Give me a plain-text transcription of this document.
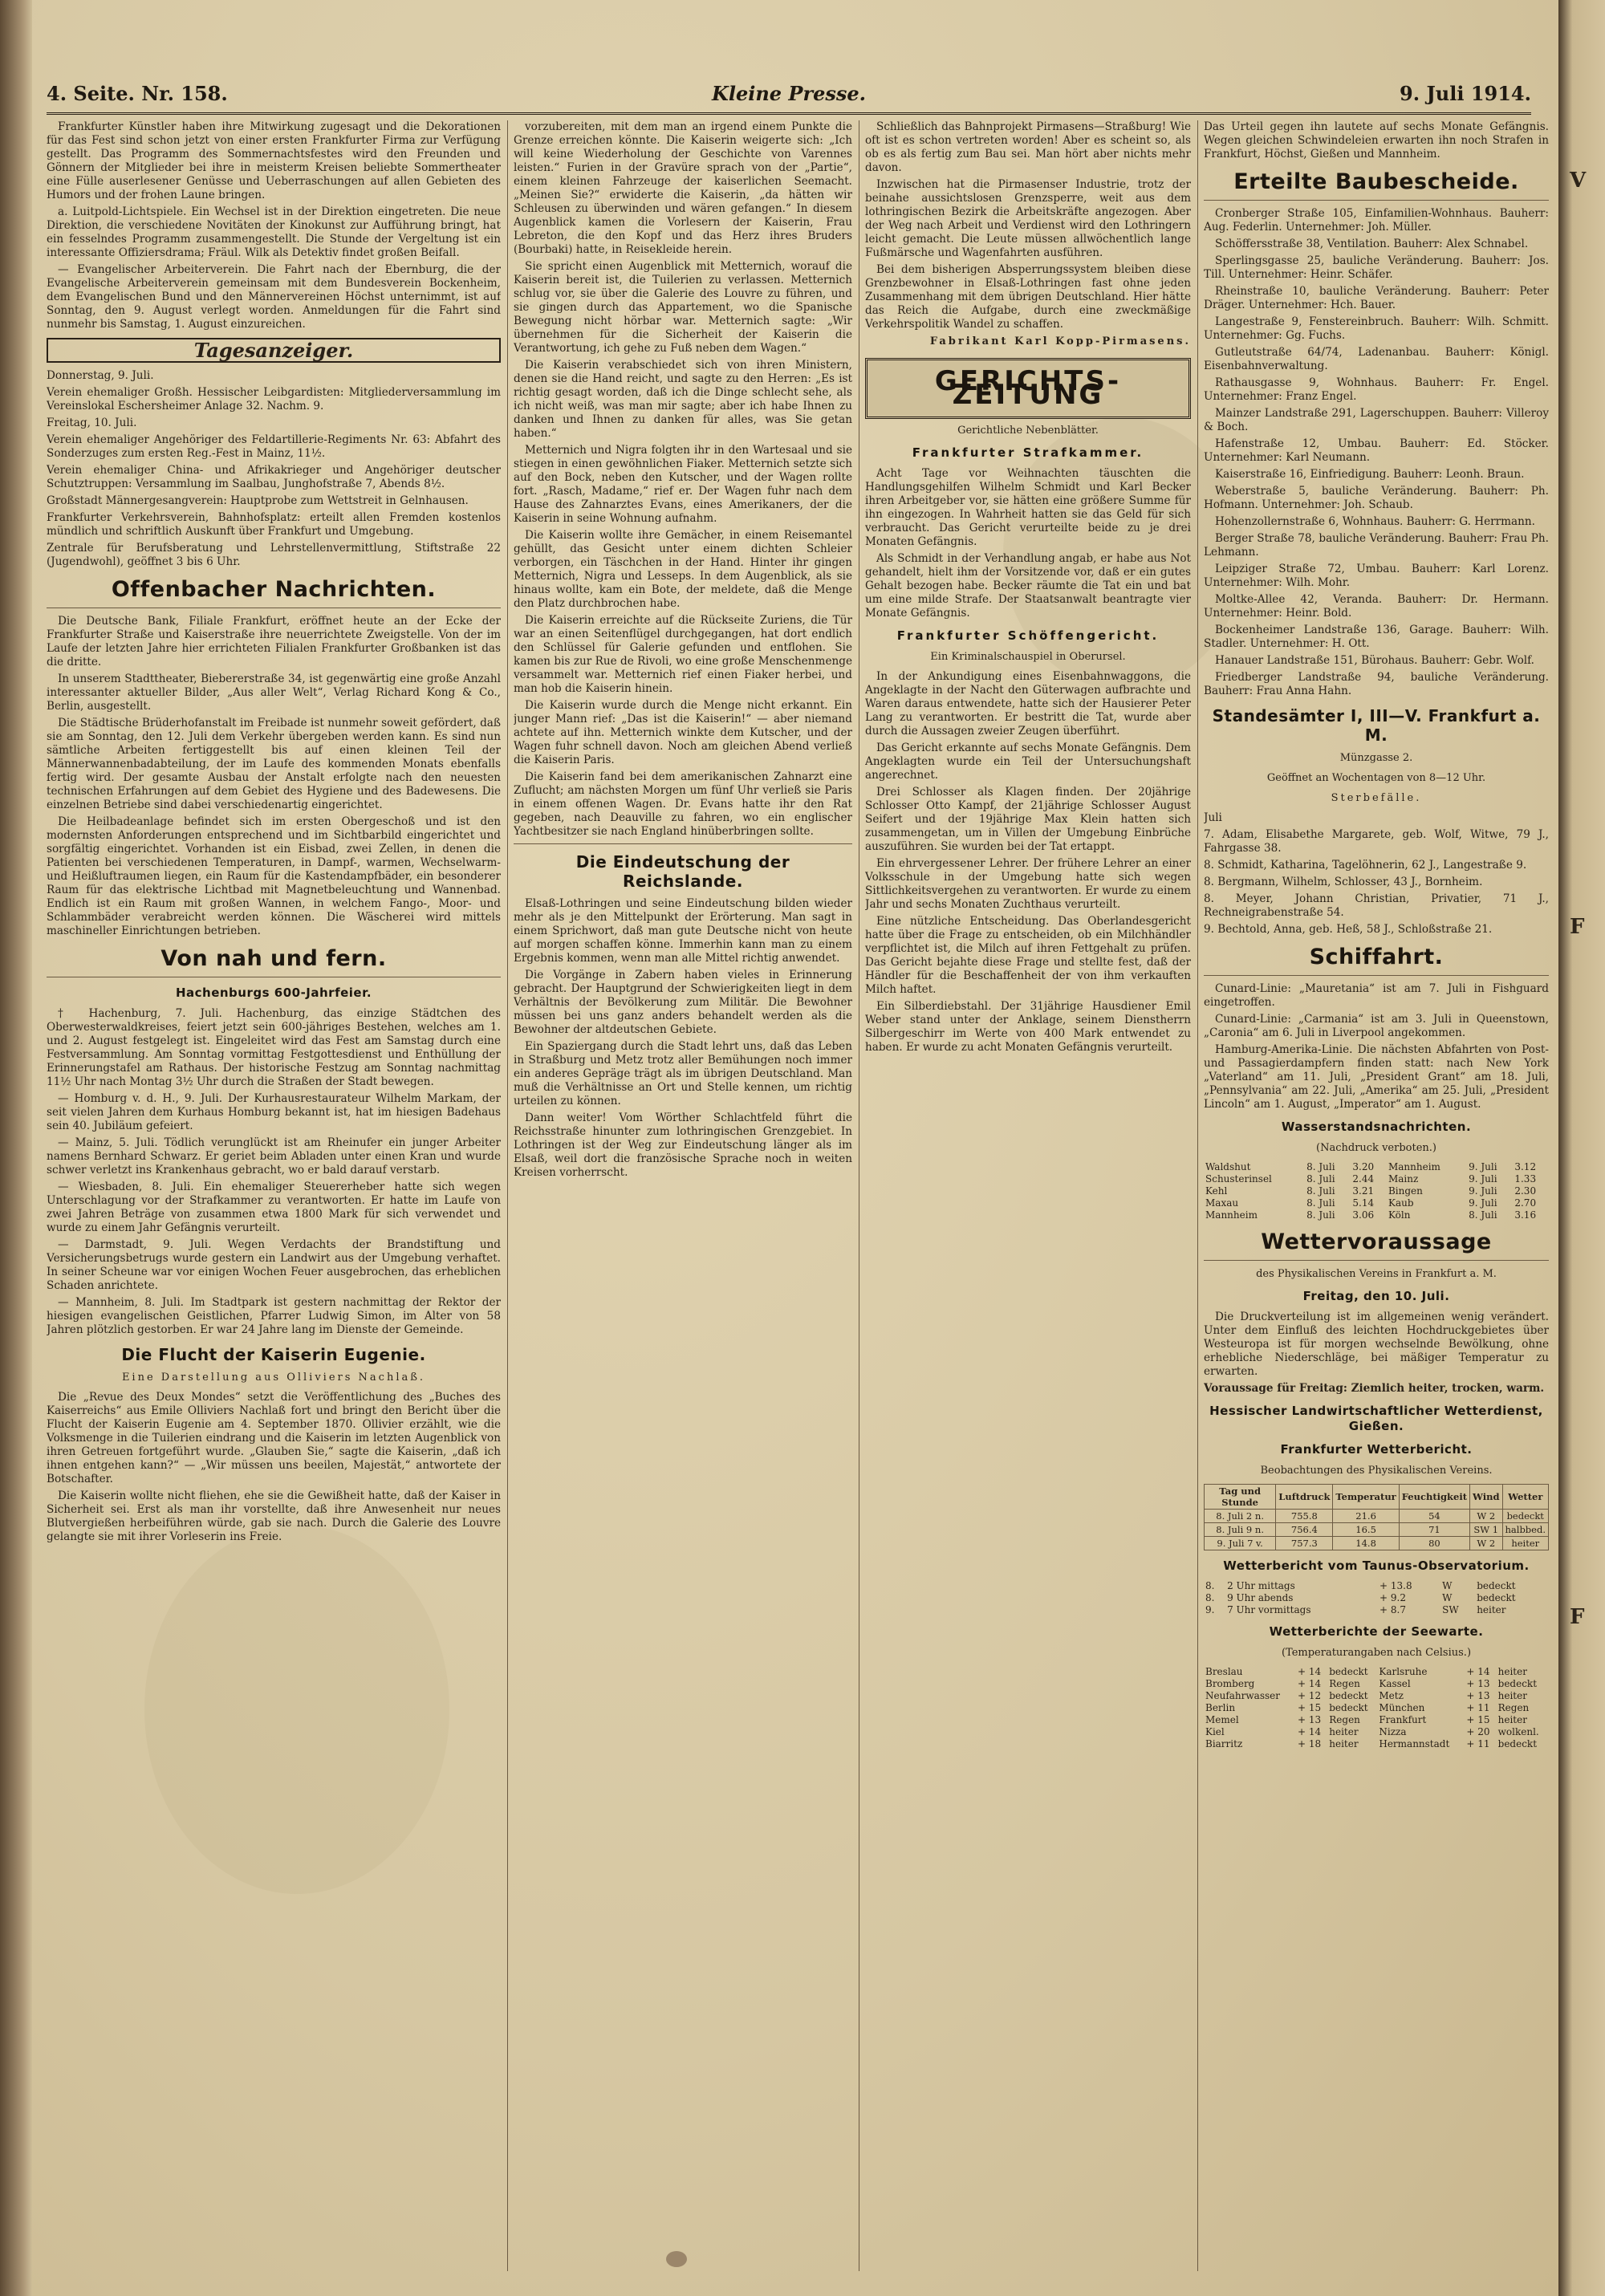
4. Seite. Nr. 158.	Kleine Presse.	9. Juli 1914.

Frankfurter Künstler haben ihre Mitwirkung zugesagt und die Dekorationen für das Fest sind schon jetzt von einer ersten Frankfurter Firma zur Verfügung gestellt. Das Programm des Sommernachtsfestes wird den Freunden und Gönnern der Mitglieder bei ihre in meisterm Kreisen beliebte Sommertheater eine Fülle auserlesener Genüsse und Ueberraschungen auf allen Gebieten des Humors und der frohen Laune bringen.

a. Luitpold-Lichtspiele. Ein Wechsel ist in der Direktion eingetreten. Die neue Direktion, die verschiedene Novitäten der Kinokunst zur Aufführung bringt, hat ein fesselndes Programm zusammengestellt. Die Stunde der Vergeltung ist ein interessante Offiziersdrama; Fräul. Wilk als Detektiv findet großen Beifall.

— Evangelischer Arbeiterverein. Die Fahrt nach der Ebernburg, die der Evangelische Arbeiterverein gemeinsam mit dem Bundesverein Bockenheim, dem Evangelischen Bund und den Männervereinen Höchst unternimmt, ist auf Sonntag, den 9. August verlegt worden. Anmeldungen für die Fahrt sind nunmehr bis Samstag, 1. August einzureichen.

Tagesanzeiger.

Donnerstag, 9. Juli.

Verein ehemaliger Großh. Hessischer Leibgardisten: Mitgliederversammlung im Vereinslokal Eschersheimer Anlage 32. Nachm. 9.

Freitag, 10. Juli.

Verein ehemaliger Angehöriger des Feldartillerie-Regiments Nr. 63: Abfahrt des Sonderzuges zum ersten Reg.-Fest in Mainz, 11½.

Verein ehemaliger China- und Afrikakrieger und Angehöriger deutscher Schutztruppen: Versammlung im Saalbau, Junghofstraße 7, Abends 8½.

Großstadt Männergesangverein: Hauptprobe zum Wettstreit in Gelnhausen.

Frankfurter Verkehrsverein, Bahnhofsplatz: erteilt allen Fremden kostenlos mündlich und schriftlich Auskunft über Frankfurt und Umgebung.

Zentrale für Berufsberatung und Lehrstellenvermittlung, Stiftstraße 22 (Jugendwohl), geöffnet 3 bis 6 Uhr.

Offenbacher Nachrichten.

Die Deutsche Bank, Filiale Frankfurt, eröffnet heute an der Ecke der Frankfurter Straße und Kaiserstraße ihre neuerrichtete Zweigstelle. Von der im Laufe der letzten Jahre hier errichteten Filialen Frankfurter Großbanken ist das die dritte.

In unserem Stadttheater, Biebererstraße 34, ist gegenwärtig eine große Anzahl interessanter aktueller Bilder, „Aus aller Welt“, Verlag Richard Kong & Co., Berlin, ausgestellt.

Die Städtische Brüderhofanstalt im Freibade ist nunmehr soweit gefördert, daß sie am Sonntag, den 12. Juli dem Verkehr übergeben werden kann. Es sind nun sämtliche Arbeiten fertiggestellt bis auf einen kleinen Teil der Männerwannenbadabteilung, der im Laufe des kommenden Monats ebenfalls fertig wird. Der gesamte Ausbau der Anstalt erfolgte nach den neuesten technischen Erfahrungen auf dem Gebiet des Hygiene und des Badewesens. Die einzelnen Betriebe sind dabei verschiedenartig eingerichtet.

Die Heilbadeanlage befindet sich im ersten Obergeschoß und ist den modernsten Anforderungen entsprechend und im Sichtbarbild eingerichtet und sorgfältig eingerichtet. Vorhanden ist ein Eisbad, zwei Zellen, in denen die Patienten bei verschiedenen Temperaturen, in Dampf-, warmen, Wechselwarm- und Heißluftraumen liegen, ein Raum für die Kastendampfbäder, ein besonderer Raum für das elektrische Lichtbad mit Magnetbeleuchtung und Wannenbad. Endlich ist ein Raum mit großen Wannen, in welchem Fango-, Moor- und Schlammbäder verabreicht werden können. Die Wäscherei wird mittels maschineller Einrichtungen betrieben.

Von nah und fern.
Hachenburgs 600-Jahrfeier.

† Hachenburg, 7. Juli. Hachenburg, das einzige Städtchen des Oberwesterwaldkreises, feiert jetzt sein 600-jähriges Bestehen, welches am 1. und 2. August festgelegt ist. Eingeleitet wird das Fest am Samstag durch eine Festversammlung. Am Sonntag vormittag Festgottesdienst und Enthüllung der Erinnerungstafel am Rathaus. Der historische Festzug am Sonntag nachmittag 11½ Uhr nach Montag 3½ Uhr durch die Straßen der Stadt bewegen.

— Homburg v. d. H., 9. Juli. Der Kurhausrestaurateur Wilhelm Markam, der seit vielen Jahren dem Kurhaus Homburg bekannt ist, hat im hiesigen Badehaus sein 40. Jubiläum gefeiert.

— Mainz, 5. Juli. Tödlich verunglückt ist am Rheinufer ein junger Arbeiter namens Bernhard Schwarz. Er geriet beim Abladen unter einen Kran und wurde schwer verletzt ins Krankenhaus gebracht, wo er bald darauf verstarb.

— Wiesbaden, 8. Juli. Ein ehemaliger Steuererheber hatte sich wegen Unterschlagung vor der Strafkammer zu verantworten. Er hatte im Laufe von zwei Jahren Beträge von zusammen etwa 1800 Mark für sich verwendet und wurde zu einem Jahr Gefängnis verurteilt.

— Darmstadt, 9. Juli. Wegen Verdachts der Brandstiftung und Versicherungsbetrugs wurde gestern ein Landwirt aus der Umgebung verhaftet. In seiner Scheune war vor einigen Wochen Feuer ausgebrochen, das erheblichen Schaden anrichtete.

— Mannheim, 8. Juli. Im Stadtpark ist gestern nachmittag der Rektor der hiesigen evangelischen Geistlichen, Pfarrer Ludwig Simon, im Alter von 58 Jahren plötzlich gestorben. Er war 24 Jahre lang im Dienste der Gemeinde.

Die Flucht der Kaiserin Eugenie.
Eine Darstellung aus Olliviers Nachlaß.

Die „Revue des Deux Mondes“ setzt die Veröffentlichung des „Buches des Kaiserreichs“ aus Emile Olliviers Nachlaß fort und bringt den Bericht über die Flucht der Kaiserin Eugenie am 4. September 1870. Ollivier erzählt, wie die Volksmenge in die Tuilerien eindrang und die Kaiserin im letzten Augenblick von ihren Getreuen fortgeführt wurde. „Glauben Sie,“ sagte die Kaiserin, „daß ich ihnen entgehen kann?“ — „Wir müssen uns beeilen, Majestät,“ antwortete der Botschafter.

Die Kaiserin wollte nicht fliehen, ehe sie die Gewißheit hatte, daß der Kaiser in Sicherheit sei. Erst als man ihr vorstellte, daß ihre Anwesenheit nur neues Blutvergießen herbeiführen würde, gab sie nach. Durch die Galerie des Louvre gelangte sie mit ihrer Vorleserin ins Freie.

vorzubereiten, mit dem man an irgend einem Punkte die Grenze erreichen könnte. Die Kaiserin weigerte sich: „Ich will keine Wiederholung der Geschichte von Varennes leisten.“ Furien in der Gravüre sprach von der „Partie“, einem kleinen Fahrzeuge der kaiserlichen Seemacht. „Meinen Sie?“ erwiderte die Kaiserin, „da hätten wir Schleusen zu überwinden und wären gefangen.“ In diesem Augenblick kamen die Vorlesern der Kaiserin, Frau Lebreton, die den Kopf und das Herz ihres Bruders (Bourbaki) hatte, in Reisekleide herein.

Sie spricht einen Augenblick mit Metternich, worauf die Kaiserin bereit ist, die Tuilerien zu verlassen. Metternich schlug vor, sie über die Galerie des Louvre zu führen, und sie gingen durch das Appartement, wo die Spanische Bewegung nicht hörbar war. Metternich sagte: „Wir übernehmen für die Sicherheit der Kaiserin die Verantwortung, ich gehe zu Fuß neben dem Wagen.“

Die Kaiserin verabschiedet sich von ihren Ministern, denen sie die Hand reicht, und sagte zu den Herren: „Es ist richtig gesagt worden, daß ich die Dinge schlecht sehe, als ich nicht weiß, was man mir sagte; aber ich habe Ihnen zu danken und Ihnen zu danken für alles, was Sie getan haben.“

Metternich und Nigra folgten ihr in den Wartesaal und sie stiegen in einen gewöhnlichen Fiaker. Metternich setzte sich auf den Bock, neben den Kutscher, und der Wagen rollte fort. „Rasch, Madame,“ rief er. Der Wagen fuhr nach dem Hause des Zahnarztes Evans, eines Amerikaners, der die Kaiserin in seine Wohnung aufnahm.

Die Kaiserin wollte ihre Gemächer, in einem Reisemantel gehüllt, das Gesicht unter einem dichten Schleier verborgen, ein Täschchen in der Hand. Hinter ihr gingen Metternich, Nigra und Lesseps. In dem Augenblick, als sie hinaus wollte, kam ein Bote, der meldete, daß die Menge den Platz durchbrochen habe.

Die Kaiserin erreichte auf die Rückseite Zuriens, die Tür war an einen Seitenflügel durchgegangen, hat dort endlich den Schlüssel für Galerie gefunden und entflohen. Sie kamen bis zur Rue de Rivoli, wo eine große Menschenmenge versammelt war. Metternich rief einen Fiaker herbei, und man hob die Kaiserin hinein.

Die Kaiserin wurde durch die Menge nicht erkannt. Ein junger Mann rief: „Das ist die Kaiserin!“ — aber niemand achtete auf ihn. Metternich winkte dem Kutscher, und der Wagen fuhr schnell davon. Noch am gleichen Abend verließ die Kaiserin Paris.

Die Kaiserin fand bei dem amerikanischen Zahnarzt eine Zuflucht; am nächsten Morgen um fünf Uhr verließ sie Paris in einem offenen Wagen. Dr. Evans hatte ihr den Rat gegeben, nach Deauville zu fahren, wo ein englischer Yachtbesitzer sie nach England hinüberbringen sollte.

Die Eindeutschung der Reichslande.

Elsaß-Lothringen und seine Eindeutschung bilden wieder mehr als je den Mittelpunkt der Erörterung. Man sagt in einem Sprichwort, daß man gute Deutsche nicht von heute auf morgen schaffen könne. Immerhin kann man zu einem Ergebnis kommen, wenn man alle Mittel richtig anwendet.

Die Vorgänge in Zabern haben vieles in Erinnerung gebracht. Der Hauptgrund der Schwierigkeiten liegt in dem Verhältnis der Bevölkerung zum Militär. Die Bewohner müssen bei uns ganz anders behandelt werden als die Bewohner der altdeutschen Gebiete.

Ein Spaziergang durch die Stadt lehrt uns, daß das Leben in Straßburg und Metz trotz aller Bemühungen noch immer ein anderes Gepräge trägt als im übrigen Deutschland. Man muß die Verhältnisse an Ort und Stelle kennen, um richtig urteilen zu können.

Dann weiter! Vom Wörther Schlachtfeld führt die Reichsstraße hinunter zum lothringischen Grenzgebiet. In Lothringen ist der Weg zur Eindeutschung länger als im Elsaß, weil dort die französische Sprache noch in weiten Kreisen vorherrscht.

Schließlich das Bahnprojekt Pirmasens—Straßburg! Wie oft ist es schon vertreten worden! Aber es scheint so, als ob es als fertig zum Bau sei. Man hört aber nichts mehr davon.

Inzwischen hat die Pirmasenser Industrie, trotz der beinahe aussichtslosen Grenzsperre, weit aus dem lothringischen Bezirk die Arbeitskräfte angezogen. Aber der Weg nach Arbeit und Verdienst wird den Lothringern leicht gemacht. Die Leute müssen allwöchentlich lange Fußmärsche und Wagenfahrten ausführen.

Bei dem bisherigen Absperrungssystem bleiben diese Grenzbewohner in Elsaß-Lothringen fast ohne jeden Zusammenhang mit dem übrigen Deutschland. Hier hätte das Reich die Aufgabe, durch eine zweckmäßige Verkehrspolitik Wandel zu schaffen.

Fabrikant Karl Kopp-Pirmasens.
GERICHTS-ZEITUNG
Gerichtliche Nebenblätter.
Frankfurter Strafkammer.

Acht Tage vor Weihnachten täuschten die Handlungsgehilfen Wilhelm Schmidt und Karl Becker ihren Arbeitgeber vor, sie hätten eine größere Summe für ihn eingezogen. In Wahrheit hatten sie das Geld für sich verbraucht. Das Gericht verurteilte beide zu je drei Monaten Gefängnis.

Als Schmidt in der Verhandlung angab, er habe aus Not gehandelt, hielt ihm der Vorsitzende vor, daß er ein gutes Gehalt bezogen habe. Becker räumte die Tat ein und bat um eine milde Strafe. Der Staatsanwalt beantragte vier Monate Gefängnis.

Frankfurter Schöffengericht.
Ein Kriminalschauspiel in Oberursel.

In der Ankundigung eines Eisenbahnwaggons, die Angeklagte in der Nacht den Güterwagen aufbrachte und Waren daraus entwendete, hatte sich der Hausierer Peter Lang zu verantworten. Er bestritt die Tat, wurde aber durch die Aussagen zweier Zeugen überführt.

Das Gericht erkannte auf sechs Monate Gefängnis. Dem Angeklagten wurde ein Teil der Untersuchungshaft angerechnet.

Drei Schlosser als Klagen finden. Der 20jährige Schlosser Otto Kampf, der 21jährige Schlosser August Seifert und der 19jährige Max Klein hatten sich zusammengetan, um in Villen der Umgebung Einbrüche auszuführen. Sie wurden bei der Tat ertappt.

Ein ehrvergessener Lehrer. Der frühere Lehrer an einer Volksschule in der Umgebung hatte sich wegen Sittlichkeitsvergehen zu verantworten. Er wurde zu einem Jahr und sechs Monaten Zuchthaus verurteilt.

Eine nützliche Entscheidung. Das Oberlandesgericht hatte über die Frage zu entscheiden, ob ein Milchhändler verpflichtet ist, die Milch auf ihren Fettgehalt zu prüfen. Das Gericht bejahte diese Frage und stellte fest, daß der Händler für die Beschaffenheit der von ihm verkauften Milch haftet.

Ein Silberdiebstahl. Der 31jährige Hausdiener Emil Weber stand unter der Anklage, seinem Dienstherrn Silbergeschirr im Werte von 400 Mark entwendet zu haben. Er wurde zu acht Monaten Gefängnis verurteilt.

Das Urteil gegen ihn lautete auf sechs Monate Gefängnis. Wegen gleichen Schwindeleien erwarten ihn noch Strafen in Frankfurt, Höchst, Gießen und Mannheim.

Erteilte Baubescheide.

Cronberger Straße 105, Einfamilien-Wohnhaus. Bauherr: Aug. Federlin. Unternehmer: Joh. Müller.

Schöffersstraße 38, Ventilation. Bauherr: Alex Schnabel.

Sperlingsgasse 25, bauliche Veränderung. Bauherr: Jos. Till. Unternehmer: Heinr. Schäfer.

Rheinstraße 10, bauliche Veränderung. Bauherr: Peter Dräger. Unternehmer: Hch. Bauer.

Langestraße 9, Fenstereinbruch. Bauherr: Wilh. Schmitt. Unternehmer: Gg. Fuchs.

Gutleutstraße 64/74, Ladenanbau. Bauherr: Königl. Eisenbahnverwaltung.

Rathausgasse 9, Wohnhaus. Bauherr: Fr. Engel. Unternehmer: Franz Engel.

Mainzer Landstraße 291, Lagerschuppen. Bauherr: Villeroy & Boch.

Hafenstraße 12, Umbau. Bauherr: Ed. Stöcker. Unternehmer: Karl Neumann.

Kaiserstraße 16, Einfriedigung. Bauherr: Leonh. Braun.

Weberstraße 5, bauliche Veränderung. Bauherr: Ph. Hofmann. Unternehmer: Joh. Schaub.

Hohenzollernstraße 6, Wohnhaus. Bauherr: G. Herrmann.

Berger Straße 78, bauliche Veränderung. Bauherr: Frau Ph. Lehmann.

Leipziger Straße 72, Umbau. Bauherr: Karl Lorenz. Unternehmer: Wilh. Mohr.

Moltke-Allee 42, Veranda. Bauherr: Dr. Hermann. Unternehmer: Heinr. Bold.

Bockenheimer Landstraße 136, Garage. Bauherr: Wilh. Stadler. Unternehmer: H. Ott.

Hanauer Landstraße 151, Bürohaus. Bauherr: Gebr. Wolf.

Friedberger Landstraße 94, bauliche Veränderung. Bauherr: Frau Anna Hahn.

Standesämter I, III—V. Frankfurt a. M.
Münzgasse 2.
Geöffnet an Wochentagen von 8—12 Uhr.
Sterbefälle.

Juli

7. Adam, Elisabethe Margarete, geb. Wolf, Witwe, 79 J., Fahrgasse 38.

8. Schmidt, Katharina, Tagelöhnerin, 62 J., Langestraße 9.

8. Bergmann, Wilhelm, Schlosser, 43 J., Bornheim.

8. Meyer, Johann Christian, Privatier, 71 J., Rechneigrabenstraße 54.

9. Bechtold, Anna, geb. Heß, 58 J., Schloßstraße 21.

Schiffahrt.

Cunard-Linie: „Mauretania“ ist am 7. Juli in Fishguard eingetroffen.

Cunard-Linie: „Carmania“ ist am 3. Juli in Queenstown, „Caronia“ am 6. Juli in Liverpool angekommen.

Hamburg-Amerika-Linie. Die nächsten Abfahrten von Post- und Passagierdampfern finden statt: nach New York „Vaterland“ am 11. Juli, „President Grant“ am 18. Juli, „Pennsylvania“ am 22. Juli, „Amerika“ am 25. Juli, „President Lincoln“ am 1. August, „Imperator“ am 1. August.

Wasserstandsnachrichten.
(Nachdruck verboten.)
Waldshut	8. Juli	3.20	Mannheim	9. Juli	3.12
Schusterinsel	8. Juli	2.44	Mainz	9. Juli	1.33
Kehl	8. Juli	3.21	Bingen	9. Juli	2.30
Maxau	8. Juli	5.14	Kaub	9. Juli	2.70
Mannheim	8. Juli	3.06	Köln	8. Juli	3.16
Wettervoraussage
des Physikalischen Vereins in Frankfurt a. M.
Freitag, den 10. Juli.

Die Druckverteilung ist im allgemeinen wenig verändert. Unter dem Einfluß des leichten Hochdruckgebietes über Westeuropa ist für morgen wechselnde Bewölkung, ohne erhebliche Niederschläge, bei mäßiger Temperatur zu erwarten.

Voraussage für Freitag: Ziemlich heiter, trocken, warm.

Hessischer Landwirtschaftlicher Wetterdienst, Gießen.
Frankfurter Wetterbericht.
Beobachtungen des Physikalischen Vereins.
Tag und Stunde	Luftdruck	Temperatur	Feuchtigkeit	Wind	Wetter
8. Juli 2 n.	755.8	21.6	54	W 2	bedeckt
8. Juli 9 n.	756.4	16.5	71	SW 1	halbbed.
9. Juli 7 v.	757.3	14.8	80	W 2	heiter
Wetterbericht vom Taunus-Observatorium.
8.	2 Uhr mittags	+ 13.8	W	bedeckt
8.	9 Uhr abends	+ 9.2	W	bedeckt
9.	7 Uhr vormittags	+ 8.7	SW	heiter
Wetterberichte der Seewarte.
(Temperaturangaben nach Celsius.)
Breslau	+ 14	bedeckt	Karlsruhe	+ 14	heiter
Bromberg	+ 14	Regen	Kassel	+ 13	bedeckt
Neufahrwasser	+ 12	bedeckt	Metz	+ 13	heiter
Berlin	+ 15	bedeckt	München	+ 11	Regen
Memel	+ 13	Regen	Frankfurt	+ 15	heiter
Kiel	+ 14	heiter	Nizza	+ 20	wolkenl.
Biarritz	+ 18	heiter	Hermannstadt	+ 11	bedeckt
V
F
F
